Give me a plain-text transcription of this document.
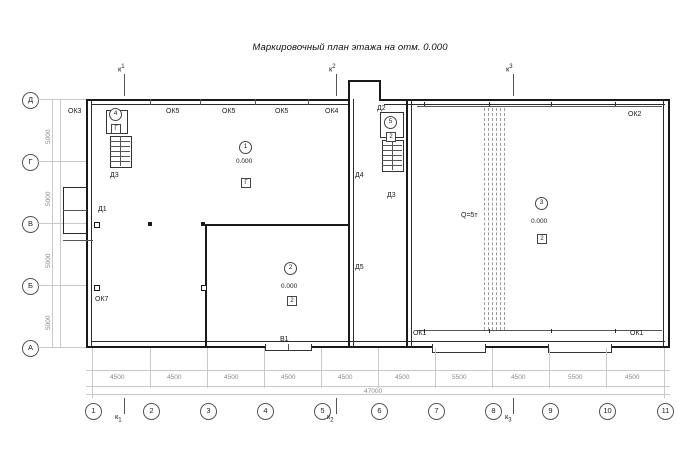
Маркировочный план этажа на отм. 0.000
$к^1$	$к^2$	$к^3$
Д
Г
В
Б
А
5000
5000
5000
5000
Q=5т
ОК3	ОК5	ОК5	ОК5	ОК4	ОК2
ОК7
ОК1	ОК1
Д3
Д1
Д2
Д4
Д3
Д5
В1
1
0.000
Г
2
0.000
2
3
0.000
2
4
Г
5
2
4500	4500	4500	4500	4500	4500	5500	4500	5500	4500
47000
1	2	3	4	5	6	7	8	9	10	11
$к_1$	$к_2$	$к_3$
